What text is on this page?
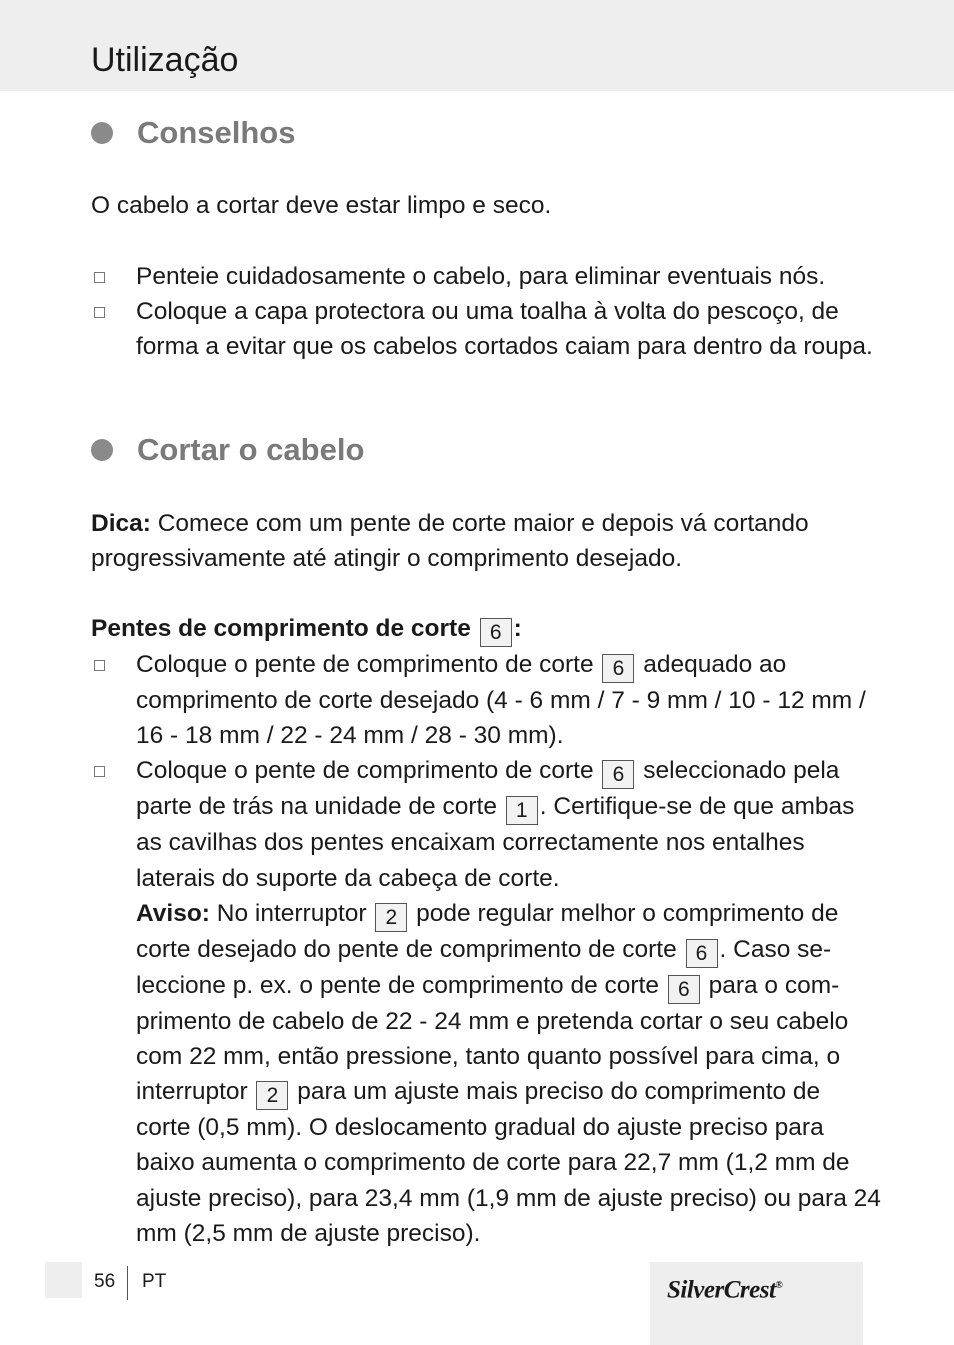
Utilização
Conselhos

O cabelo a cortar deve estar limpo e seco.

Penteie cuidadosamente o cabelo, para eliminar eventuais nós.
Coloque a capa protectora ou uma toalha à volta do pescoço, de forma a evitar que os cabelos cortados caiam para dentro da roupa.
Cortar o cabelo

Dica: Comece com um pente de corte maior e depois vá cortando progressivamente até atingir o comprimento desejado.

Pentes de comprimento de corte 6 :

Coloque o pente de comprimento de corte 6 adequado ao comprimento de corte desejado (4 - 6 mm / 7 - 9 mm / 10 - 12 mm / 16 - 18 mm / 22 - 24 mm / 28 - 30 mm).
Coloque o pente de comprimento de corte 6 seleccionado pela parte de trás na unidade de corte 1 . Certifique-se de que ambas as cavilhas dos pentes encaixam correctamente nos entalhes laterais do suporte da cabeça de corte.
Aviso: No interruptor 2 pode regular melhor o comprimento de corte desejado do pente de comprimento de corte 6 . Caso seleccione p. ex. o pente de comprimento de corte 6 para o comprimento de cabelo de 22 - 24 mm e pretenda cortar o seu cabelo com 22 mm, então pressione, tanto quanto possível para cima, o interruptor 2 para um ajuste mais preciso do comprimento de corte (0,5 mm). O deslocamento gradual do ajuste preciso para baixo aumenta o comprimento de corte para 22,7 mm (1,2 mm de ajuste preciso), para 23,4 mm (1,9 mm de ajuste preciso) ou para 24 mm (2,5 mm de ajuste preciso).
56 PT	SilverCrest®
